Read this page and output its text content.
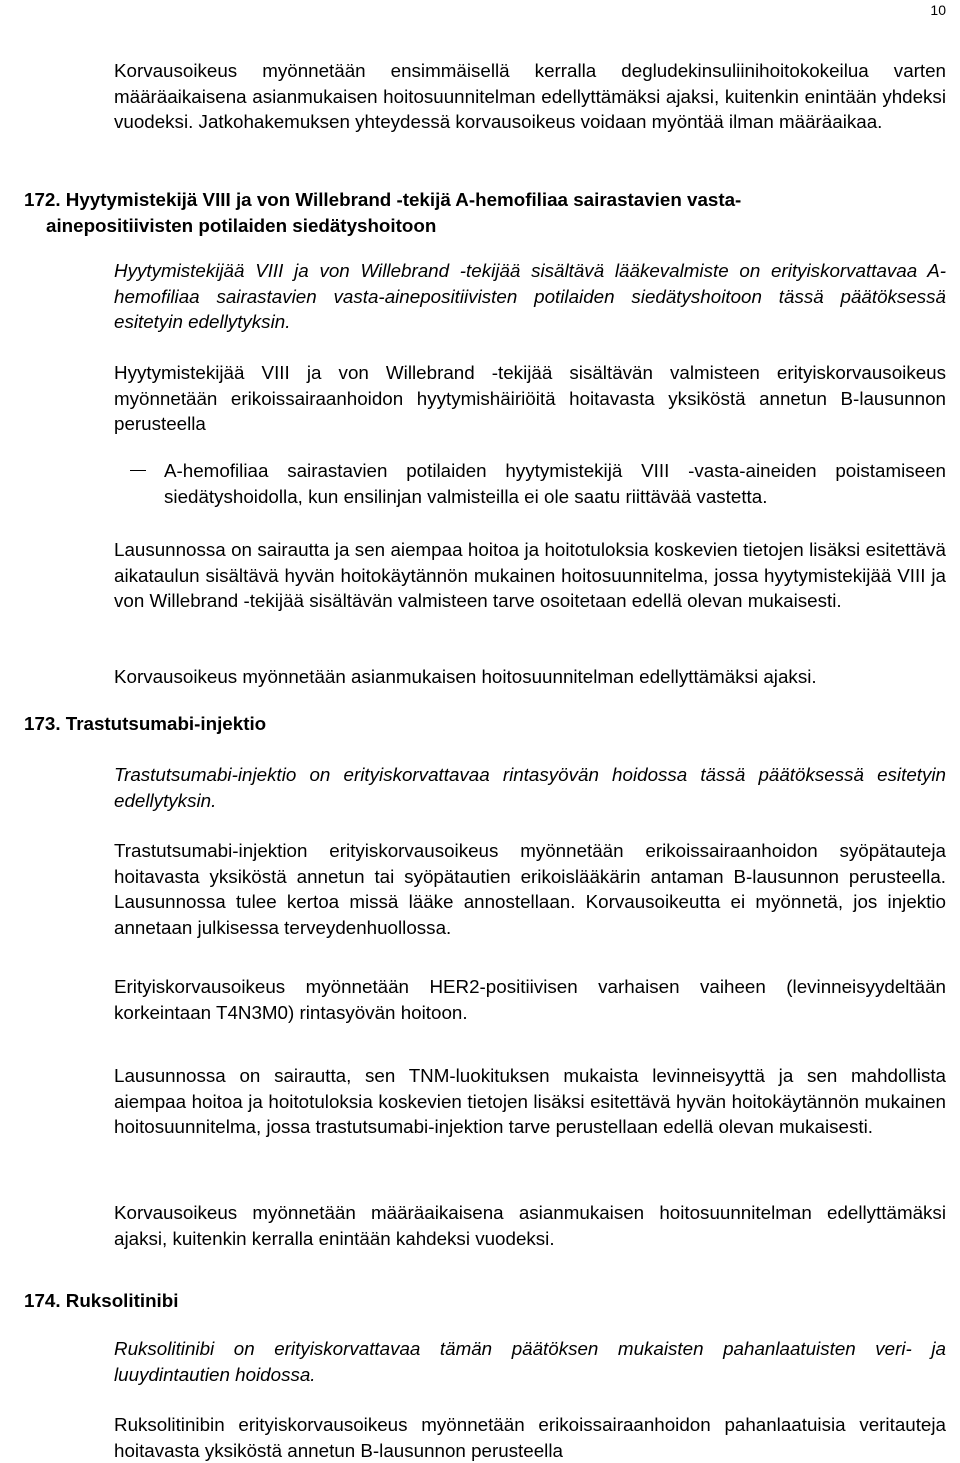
10

Korvausoikeus myönnetään ensimmäisellä kerralla degludekinsuliinihoitokokeilua varten määräaikaisena asianmukaisen hoitosuunnitelman edellyttämäksi ajaksi, kuitenkin enintään yhdeksi vuodeksi. Jatkohakemuksen yhteydessä korvausoikeus voidaan myöntää ilman määräaikaa.

172. Hyytymistekijä VIII ja von Willebrand -tekijä A-hemofiliaa sairastavien vasta-
ainepositiivisten potilaiden siedätyshoitoon

Hyytymistekijää VIII ja von Willebrand -tekijää sisältävä lääkevalmiste on erityiskorvattavaa A-hemofiliaa sairastavien vasta-ainepositiivisten potilaiden siedätyshoitoon tässä päätöksessä esitetyin edellytyksin.

Hyytymistekijää VIII ja von Willebrand -tekijää sisältävän valmisteen erityiskorvausoikeus myönnetään erikoissairaanhoidon hyytymishäiriöitä hoitavasta yksiköstä annetun B-lausunnon perusteella

A-hemofiliaa sairastavien potilaiden hyytymistekijä VIII -vasta-aineiden poistamiseen siedätyshoidolla, kun ensilinjan valmisteilla ei ole saatu riittävää vastetta.

Lausunnossa on sairautta ja sen aiempaa hoitoa ja hoitotuloksia koskevien tietojen lisäksi esitettävä aikataulun sisältävä hyvän hoitokäytännön mukainen hoitosuunnitelma, jossa hyytymistekijää VIII ja von Willebrand -tekijää sisältävän valmisteen tarve osoitetaan edellä olevan mukaisesti.

Korvausoikeus myönnetään asianmukaisen hoitosuunnitelman edellyttämäksi ajaksi.

173. Trastutsumabi-injektio

Trastutsumabi-injektio on erityiskorvattavaa rintasyövän hoidossa tässä päätöksessä esitetyin edellytyksin.

Trastutsumabi-injektion erityiskorvausoikeus myönnetään erikoissairaanhoidon syöpätauteja hoitavasta yksiköstä annetun tai syöpätautien erikoislääkärin antaman B-lausunnon perusteella. Lausunnossa tulee kertoa missä lääke annostellaan. Korvausoikeutta ei myönnetä, jos injektio annetaan julkisessa terveydenhuollossa.

Erityiskorvausoikeus myönnetään HER2-positiivisen varhaisen vaiheen (levinneisyydeltään korkeintaan T4N3M0) rintasyövän hoitoon.

Lausunnossa on sairautta, sen TNM-luokituksen mukaista levinneisyyttä ja sen mahdollista aiempaa hoitoa ja hoitotuloksia koskevien tietojen lisäksi esitettävä hyvän hoitokäytännön mukainen hoitosuunnitelma, jossa trastutsumabi-injektion tarve perustellaan edellä olevan mukaisesti.

Korvausoikeus myönnetään määräaikaisena asianmukaisen hoitosuunnitelman edellyttämäksi ajaksi, kuitenkin kerralla enintään kahdeksi vuodeksi.

174. Ruksolitinibi

Ruksolitinibi on erityiskorvattavaa tämän päätöksen mukaisten pahanlaatuisten veri- ja luuydintautien hoidossa.

Ruksolitinibin erityiskorvausoikeus myönnetään erikoissairaanhoidon pahanlaatuisia veritauteja hoitavasta yksiköstä annetun B-lausunnon perusteella
